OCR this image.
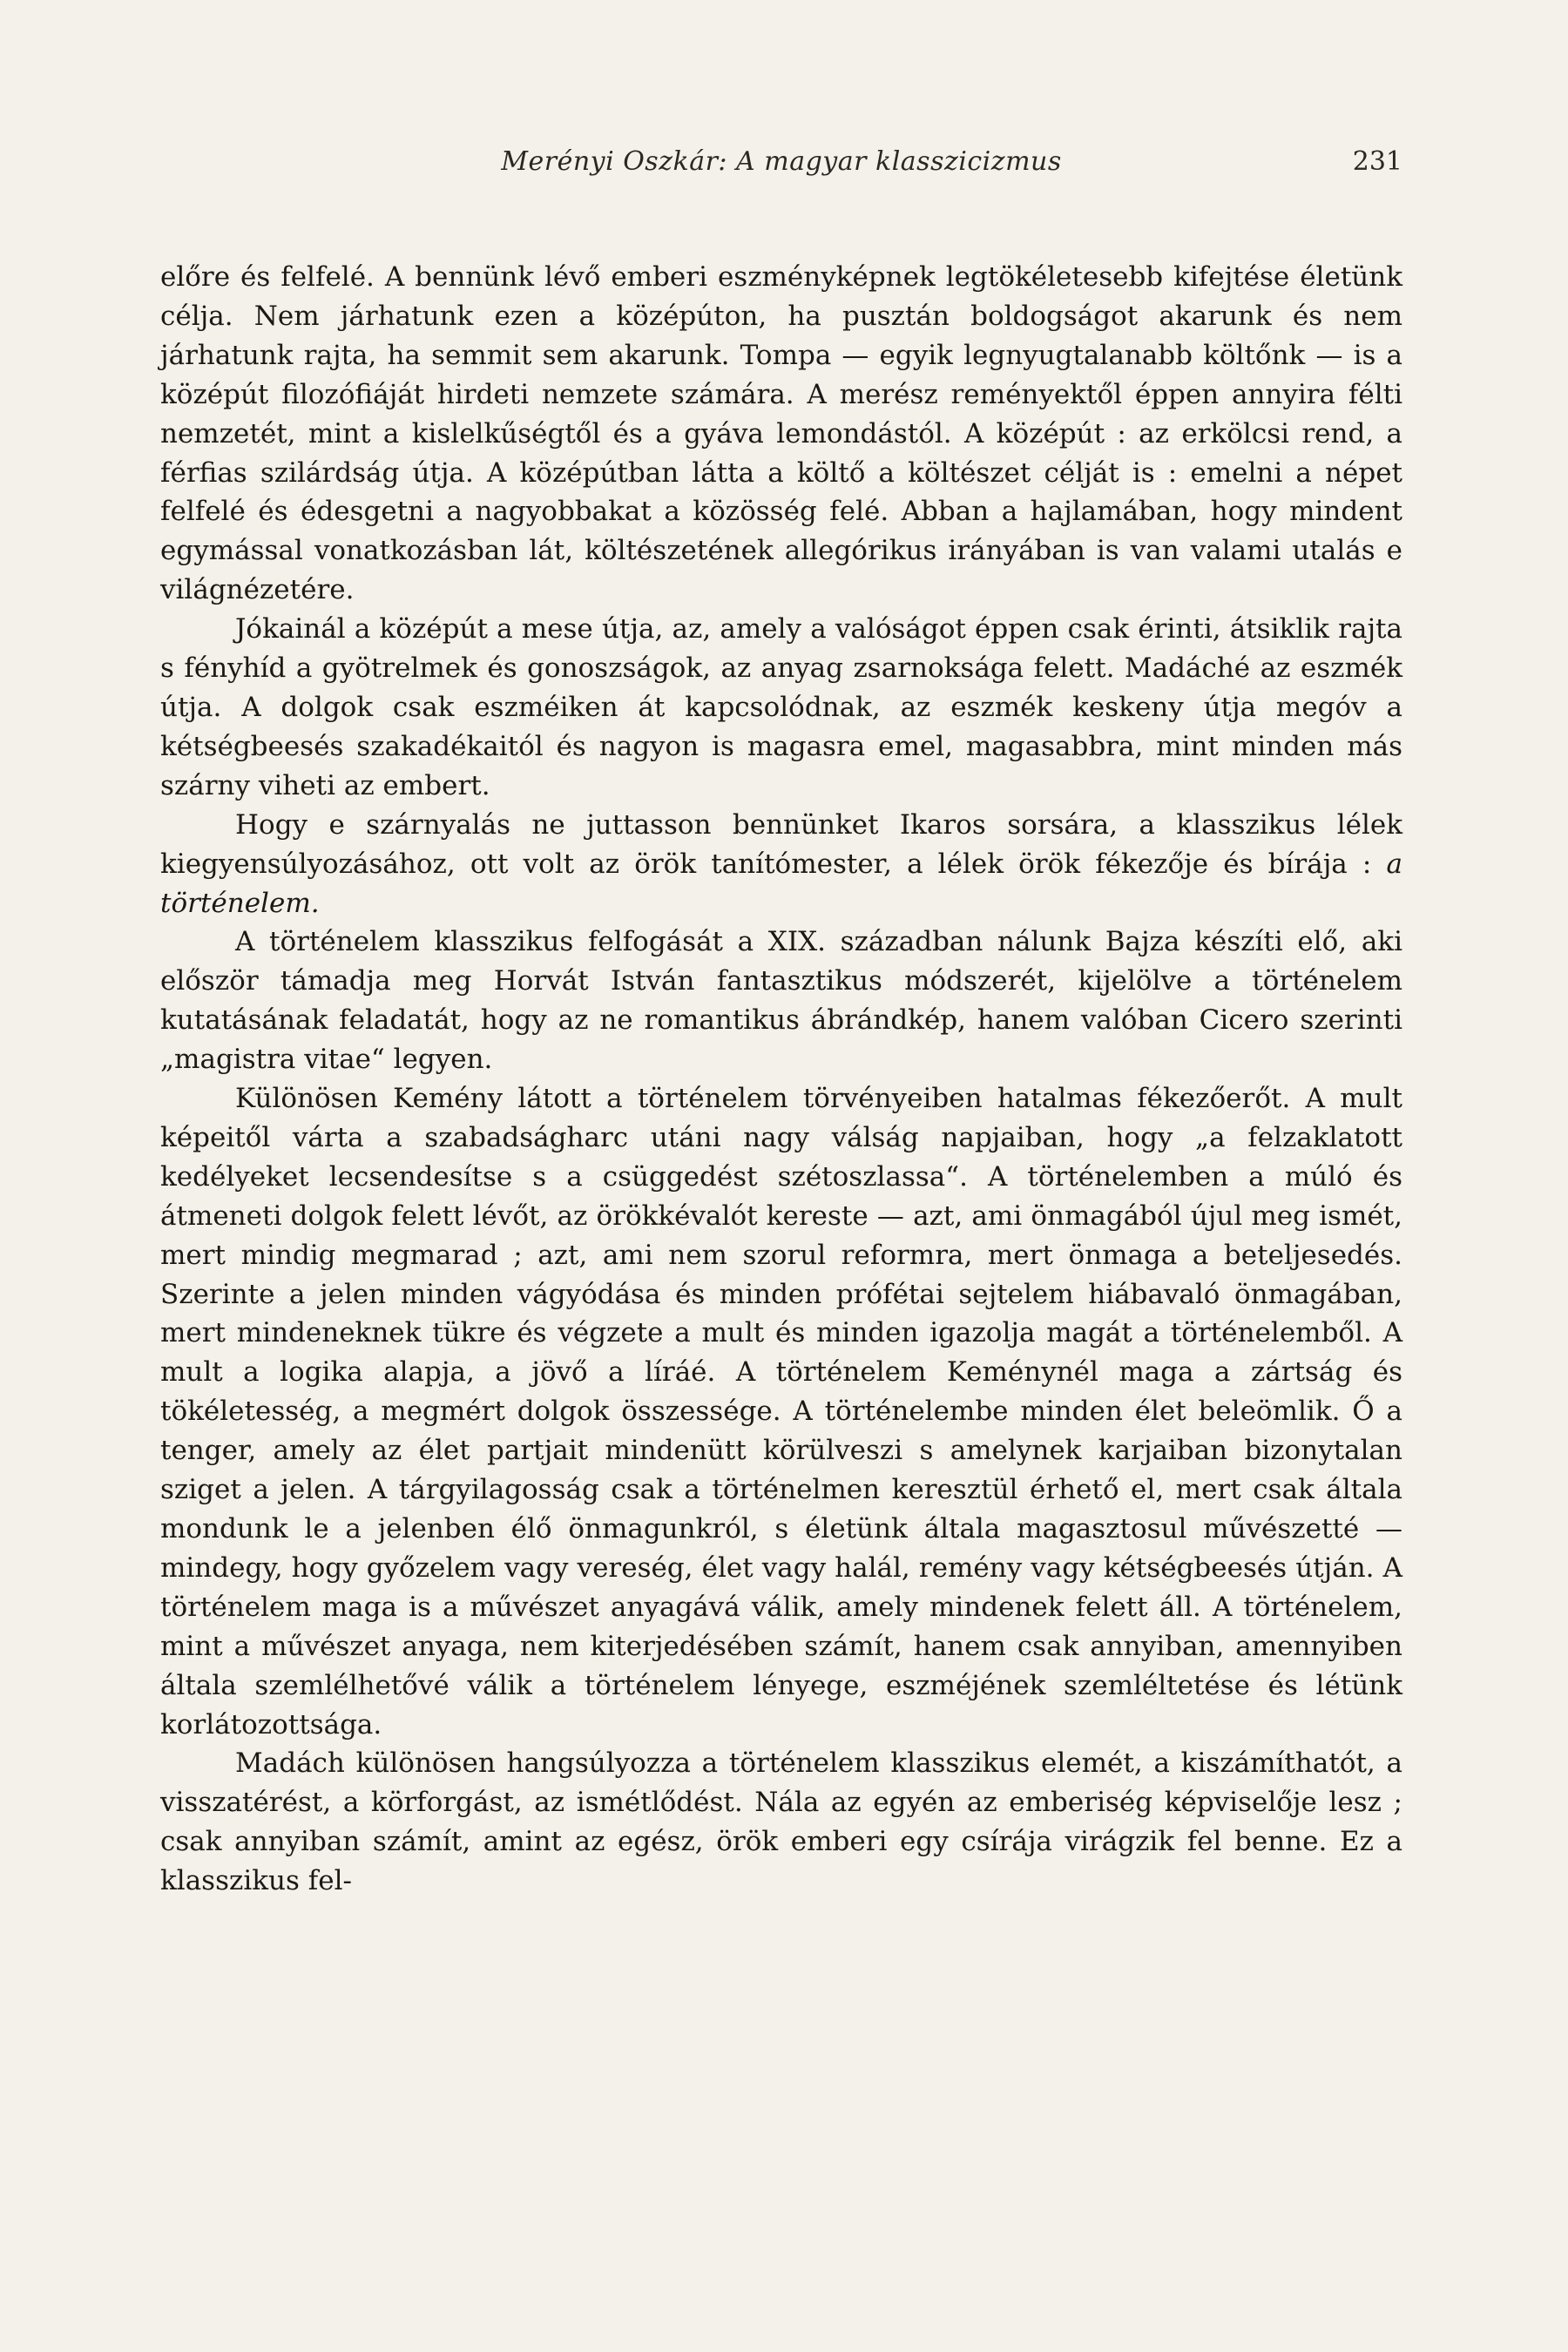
Merényi Oszkár: A magyar klasszicizmus	231

előre és felfelé. A bennünk lévő emberi eszményképnek legtökéletesebb kifejtése életünk célja. Nem járhatunk ezen a középúton, ha pusztán boldogságot akarunk és nem járhatunk rajta, ha semmit sem akarunk. Tompa — egyik legnyugtalanabb költőnk — is a középút filozófiáját hirdeti nemzete számára. A merész reményektől éppen annyira félti nemzetét, mint a kislelkűségtől és a gyáva lemondástól. A középút : az erkölcsi rend, a férfias szilárdság útja. A középútban látta a költő a költészet célját is : emelni a népet felfelé és édesgetni a nagyobbakat a közösség felé. Abban a hajlamában, hogy mindent egymással vonatkozásban lát, költészetének allegórikus irányában is van valami utalás e világnézetére.

Jókainál a középút a mese útja, az, amely a valóságot éppen csak érinti, átsiklik rajta s fényhíd a gyötrelmek és gonoszságok, az anyag zsarnoksága felett. Madáché az eszmék útja. A dolgok csak eszméiken át kapcsolódnak, az eszmék keskeny útja megóv a kétségbeesés szakadékaitól és nagyon is magasra emel, magasabbra, mint minden más szárny viheti az embert.

Hogy e szárnyalás ne juttasson bennünket Ikaros sorsára, a klasszikus lélek kiegyensúlyozásához, ott volt az örök tanítómester, a lélek örök fékezője és bírája : a történelem.

A történelem klasszikus felfogását a XIX. században nálunk Bajza készíti elő, aki először támadja meg Horvát István fantasztikus módszerét, kijelölve a történelem kutatásának feladatát, hogy az ne romantikus ábrándkép, hanem valóban Cicero szerinti „magistra vitae“ legyen.

Különösen Kemény látott a történelem törvényeiben hatalmas fékezőerőt. A mult képeitől várta a szabadságharc utáni nagy válság napjaiban, hogy „a felzaklatott kedélyeket lecsendesítse s a csüggedést szétoszlassa“. A történelemben a múló és átmeneti dolgok felett lévőt, az örökkévalót kereste — azt, ami önmagából újul meg ismét, mert mindig megmarad ; azt, ami nem szorul reformra, mert önmaga a beteljesedés. Szerinte a jelen minden vágyódása és minden prófétai sejtelem hiábavaló önmagában, mert mindeneknek tükre és végzete a mult és minden igazolja magát a történelemből. A mult a logika alapja, a jövő a líráé. A történelem Keménynél maga a zártság és tökéletesség, a megmért dolgok összessége. A történelembe minden élet beleömlik. Ő a tenger, amely az élet partjait mindenütt körülveszi s amelynek karjaiban bizonytalan sziget a jelen. A tárgyilagosság csak a történelmen keresztül érhető el, mert csak általa mondunk le a jelenben élő önmagunkról, s életünk általa magasztosul művészetté — mindegy, hogy győzelem vagy vereség, élet vagy halál, remény vagy kétségbeesés útján. A történelem maga is a művészet anyagává válik, amely mindenek felett áll. A történelem, mint a művészet anyaga, nem kiterjedésében számít, hanem csak annyiban, amennyiben általa szemlélhetővé válik a történelem lényege, eszméjének szemléltetése és létünk korlátozottsága.

Madách különösen hangsúlyozza a történelem klasszikus elemét, a kiszámíthatót, a visszatérést, a körforgást, az ismétlődést. Nála az egyén az emberiség képviselője lesz ; csak annyiban számít, amint az egész, örök emberi egy csírája virágzik fel benne. Ez a klasszikus fel-
